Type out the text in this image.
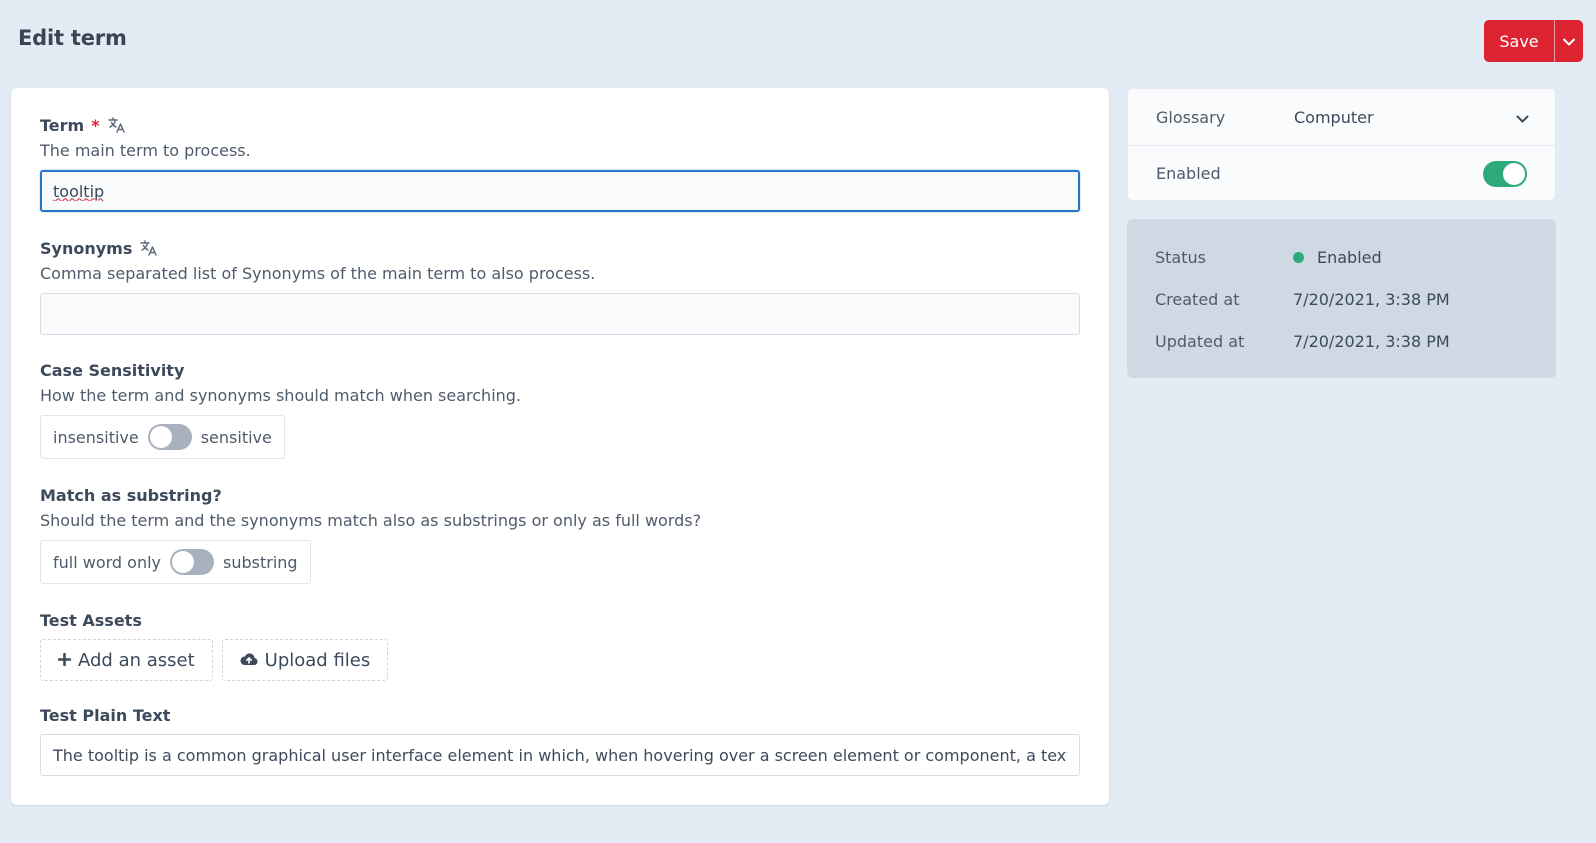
Edit term	Save
Term *
The main term to process.
tooltip
Synonyms
Comma separated list of Synonyms of the main term to also process.
Case Sensitivity
How the term and synonyms should match when searching.
insensitive	sensitive
Match as substring?
Should the term and the synonyms match also as substrings or only as full words?
full word only	substring
Test Assets
Add an asset	Upload files
Test Plain Text
The tooltip is a common graphical user interface element in which, when hovering over a screen element or component, a text box displays information about that element.
Glossary	Computer
Enabled
Status	Enabled
Created at	7/20/2021, 3:38 PM
Updated at	7/20/2021, 3:38 PM
